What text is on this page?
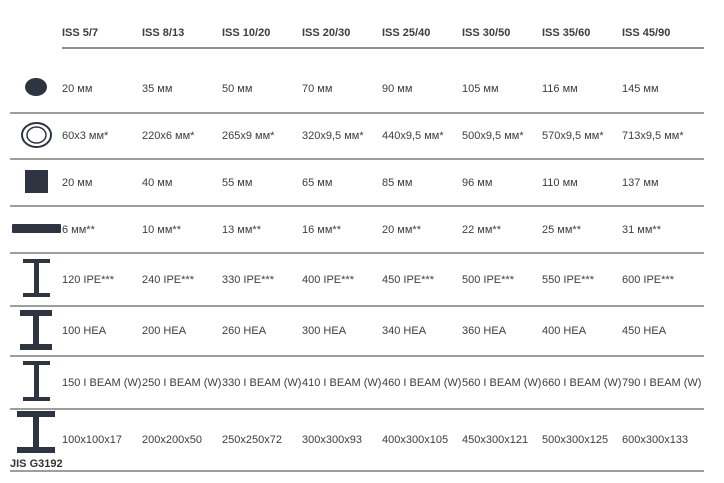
ISS 5/7	ISS 8/13	ISS 10/20	ISS 20/30	ISS 25/40	ISS 30/50	ISS 35/60	ISS 45/90
20 мм	35 мм	50 мм	70 мм	90 мм	105 мм	116 мм	145 мм
60x3 мм*	220x6 мм*	265x9 мм*	320x9,5 мм*	440x9,5 мм*	500x9,5 мм*	570x9,5 мм*	713x9,5 мм*
20 мм	40 мм	55 мм	65 мм	85 мм	96 мм	110 мм	137 мм
6 мм**	10 мм**	13 мм**	16 мм**	20 мм**	22 мм**	25 мм**	31 мм**
120 IPE***	240 IPE***	330 IPE***	400 IPE***	450 IPE***	500 IPE***	550 IPE***	600 IPE***
100 HEA	200 HEA	260 HEA	300 HEA	340 HEA	360 HEA	400 HEA	450 HEA
150 I BEAM (W) 250 I BEAM (W) 330 I BEAM (W) 410 I BEAM (W) 460 I BEAM (W) 560 I BEAM (W) 660 I BEAM (W) 790 I BEAM (W)
JIS G3192
100x100x17	200x200x50	250x250x72	300x300x93	400x300x105	450x300x121	500x300x125	600x300x133
